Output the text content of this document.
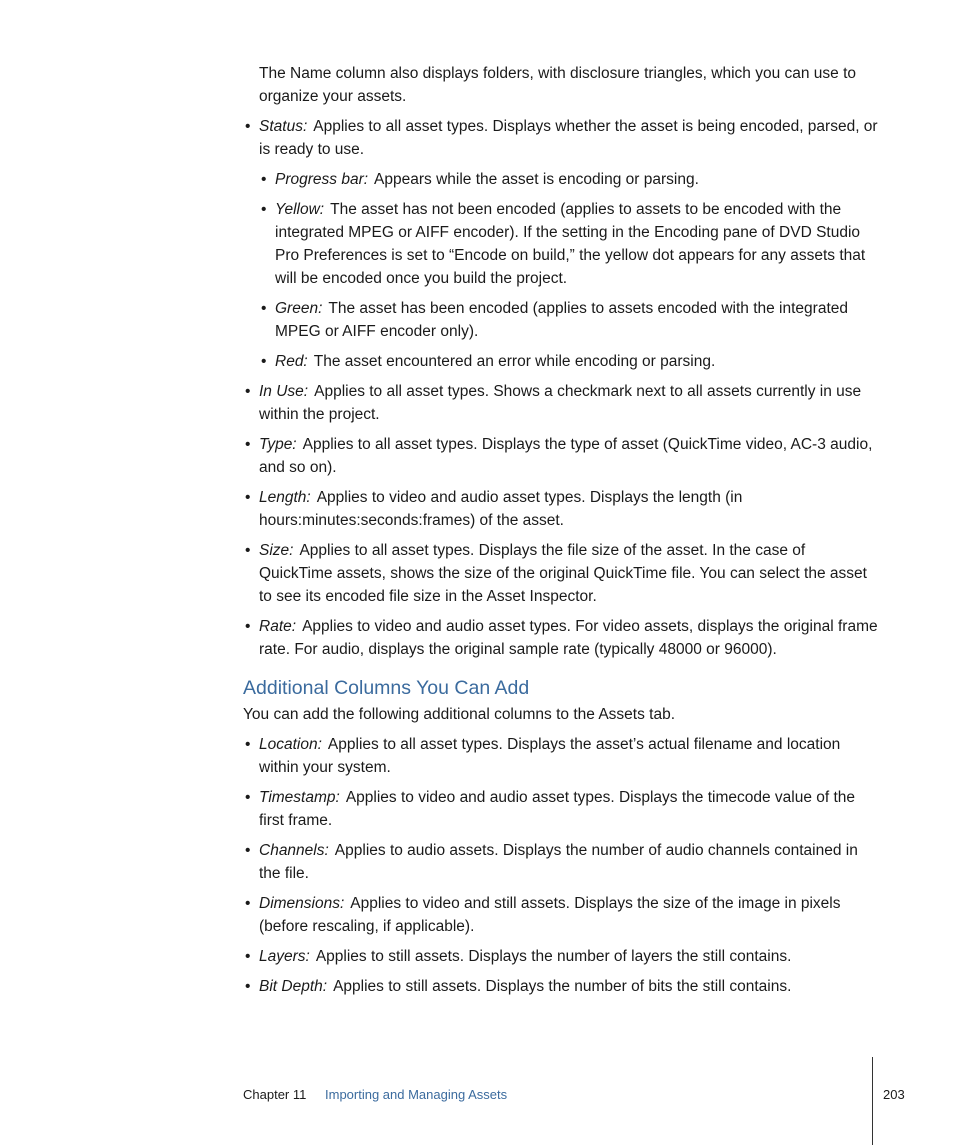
The Name column also displays folders, with disclosure triangles, which you can use to organize your assets.

• Status: Applies to all asset types. Displays whether the asset is being encoded, parsed, or is ready to use.

• Progress bar: Appears while the asset is encoding or parsing.

• Yellow: The asset has not been encoded (applies to assets to be encoded with the integrated MPEG or AIFF encoder). If the setting in the Encoding pane of DVD Studio Pro Preferences is set to “Encode on build,” the yellow dot appears for any assets that will be encoded once you build the project.

• Green: The asset has been encoded (applies to assets encoded with the integrated MPEG or AIFF encoder only).

• Red: The asset encountered an error while encoding or parsing.

• In Use: Applies to all asset types. Shows a checkmark next to all assets currently in use within the project.

• Type: Applies to all asset types. Displays the type of asset (QuickTime video, AC-3 audio, and so on).

• Length: Applies to video and audio asset types. Displays the length (in hours:minutes:seconds:frames) of the asset.

• Size: Applies to all asset types. Displays the file size of the asset. In the case of QuickTime assets, shows the size of the original QuickTime file. You can select the asset to see its encoded file size in the Asset Inspector.

• Rate: Applies to video and audio asset types. For video assets, displays the original frame rate. For audio, displays the original sample rate (typically 48000 or 96000).

Additional Columns You Can Add

You can add the following additional columns to the Assets tab.

• Location: Applies to all asset types. Displays the asset’s actual filename and location within your system.

• Timestamp: Applies to video and audio asset types. Displays the timecode value of the first frame.

• Channels: Applies to audio assets. Displays the number of audio channels contained in the file.

• Dimensions: Applies to video and still assets. Displays the size of the image in pixels (before rescaling, if applicable).

• Layers: Applies to still assets. Displays the number of layers the still contains.

• Bit Depth: Applies to still assets. Displays the number of bits the still contains.

Chapter 11 Importing and Managing Assets	203
